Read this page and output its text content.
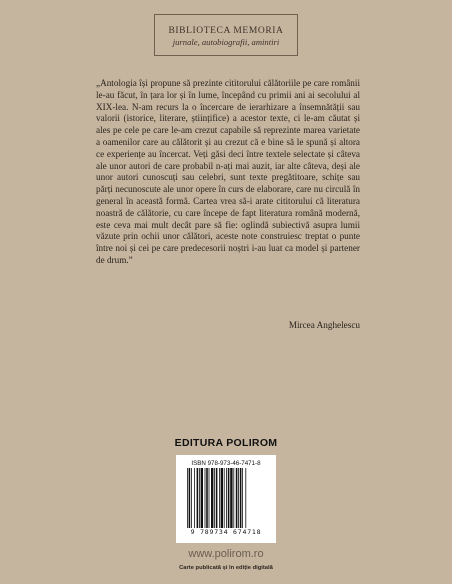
BIBLIOTECA MEMORIA
jurnale, autobiografii, amintiri
„Antologia își propune să prezinte cititorului călătoriile pe care românii le-au făcut, în țara lor și în lume, începând cu primii ani ai secolului al XIX-lea. N-am recurs la o încercare de ierarhizare a însemnătății sau valorii (istorice, literare, științifice) a acestor texte, ci le-am căutat și ales pe cele pe care le-am crezut capabile să reprezinte marea varietate a oamenilor care au călătorit și au crezut că e bine să le spună și altora ce experiențe au încercat. Veți găsi deci între textele selectate și câteva ale unor autori de care probabil n-ați mai auzit, iar alte câteva, deși ale unor autori cunoscuți sau celebri, sunt texte pregătitoare, schițe sau părți necunoscute ale unor opere în curs de elaborare, care nu circulă în general în această formă. Cartea vrea să-i arate cititorului că literatura noastră de călătorie, cu care începe de fapt literatura română modernă, este ceva mai mult decât pare să fie: oglindă subiectivă asupra lumii văzute prin ochii unor călători, aceste note construiesc treptat o punte între noi și cei pe care predecesorii noștri i-au luat ca model și partener de drum.”
Mircea Anghelescu
EDITURA POLIROM
ISBN 978-973-46-7471-8
9 789734 674718
www.polirom.ro
Carte publicată și în ediție digitală
